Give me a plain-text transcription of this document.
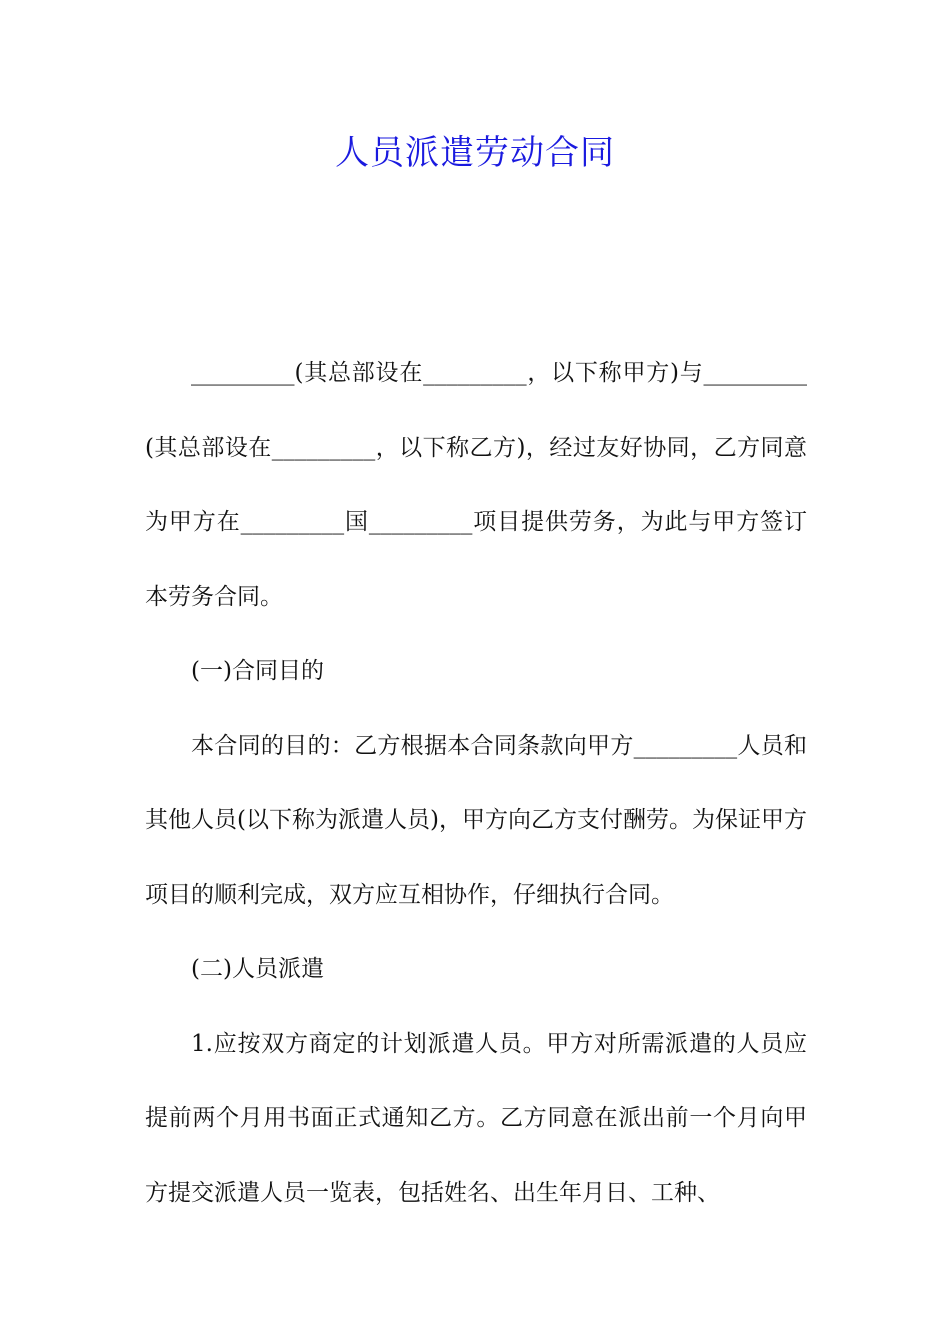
人员派遣劳动合同

_________(其总部设在_________，以下称甲方)与_________(其总部设在_________，以下称乙方)，经过友好协同，乙方同意为甲方在_________国_________项目提供劳务，为此与甲方签订本劳务合同。

(一)合同目的

本合同的目的：乙方根据本合同条款向甲方_________人员和其他人员(以下称为派遣人员)，甲方向乙方支付酬劳。为保证甲方项目的顺利完成，双方应互相协作，仔细执行合同。

(二)人员派遣

1.应按双方商定的计划派遣人员。甲方对所需派遣的人员应提前两个月用书面正式通知乙方。乙方同意在派出前一个月向甲方提交派遣人员一览表，包括姓名、出生年月日、工种、
